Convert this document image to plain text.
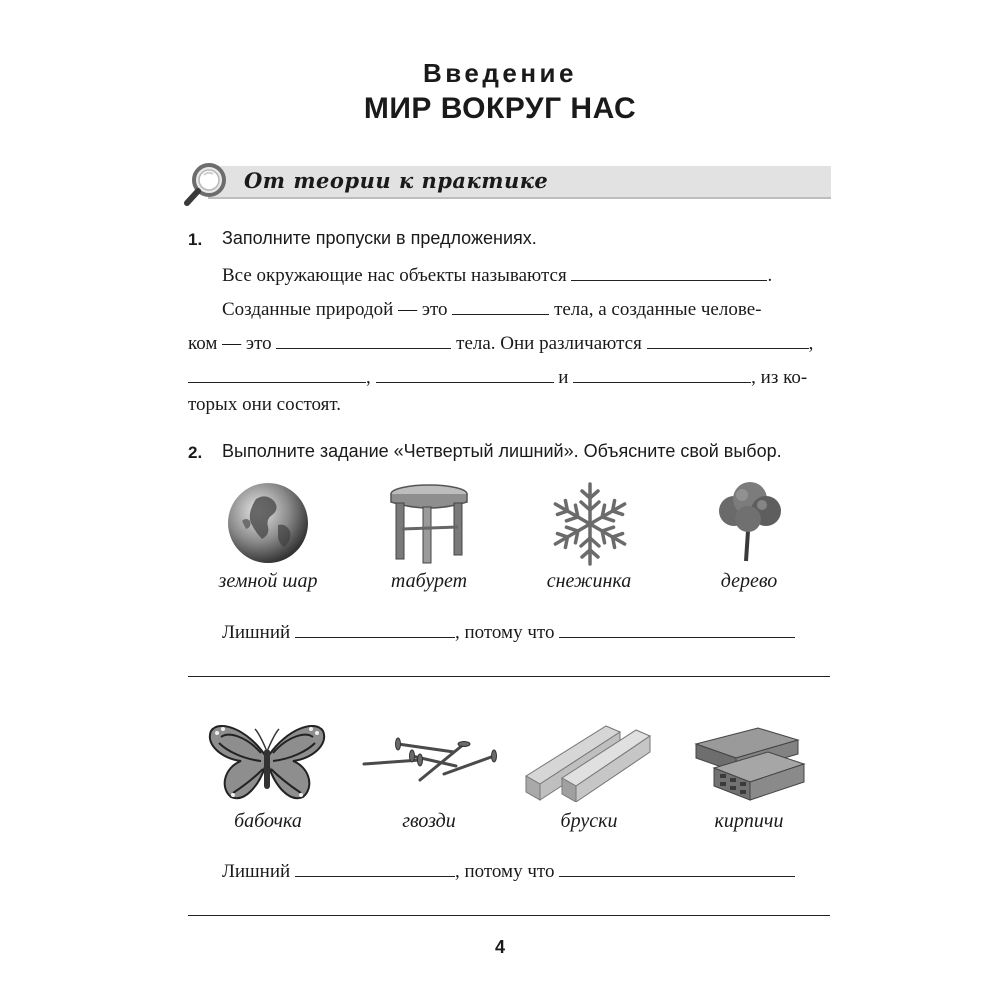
Введение
МИР ВОКРУГ НАС
От теории к практике
1. Заполните пропуски в предложениях.
Все окружающие нас объекты называются	.
Созданные природой — это	тела, а созданные челове-
ком — это	тела. Они различаются	,
,	и	, из ко-
торых они состоят.
2. Выполните задание «Четвертый лишний». Объясните свой выбор.
земной шар	табурет	снежинка	дерево
Лишний	, потому что
бабочка	гвозди	бруски	кирпичи
Лишний	, потому что
4
